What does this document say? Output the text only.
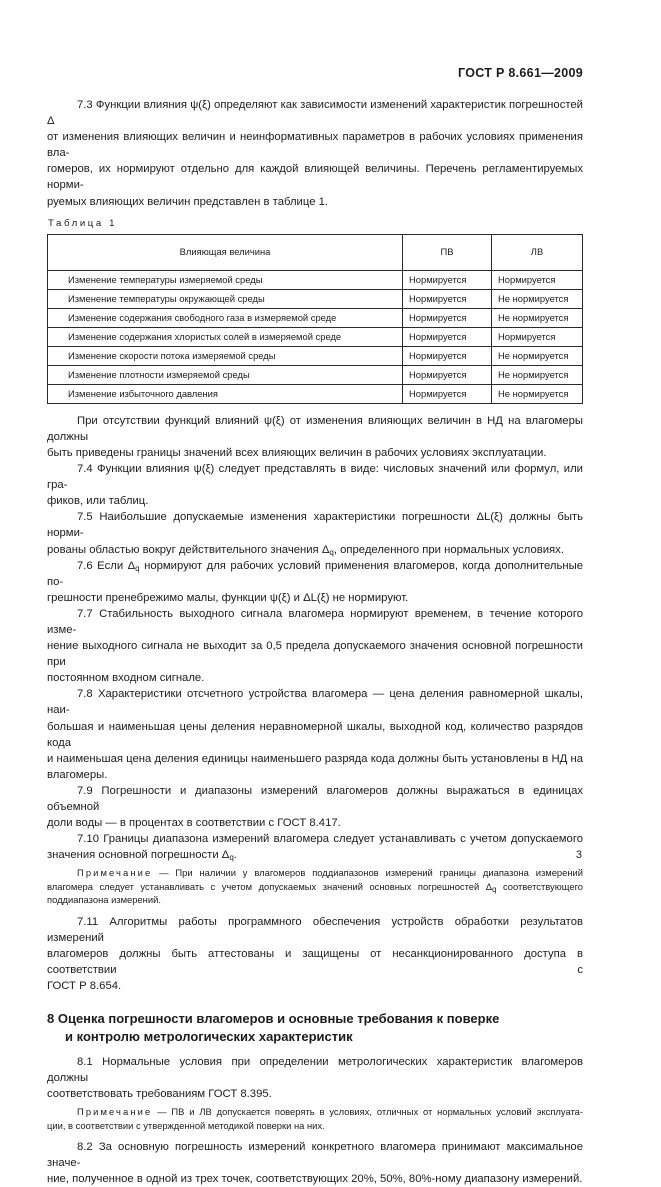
ГОСТ Р 8.661—2009
7.3 Функции влияния ψ(ξ) определяют как зависимости изменений характеристик погрешностей Δ
от изменения влияющих величин и неинформативных параметров в рабочих условиях применения вла-
гомеров, их нормируют отдельно для каждой влияющей величины. Перечень регламентируемых норми-
руемых влияющих величин представлен в таблице 1.
Таблица 1
Влияющая величина	ПВ	ЛВ
Изменение температуры измеряемой среды	Нормируется	Нормируется
Изменение температуры окружающей среды	Нормируется	Не нормируется
Изменение содержания свободного газа в измеряемой среде	Нормируется	Не нормируется
Изменение содержания хлористых солей в измеряемой среде	Нормируется	Нормируется
Изменение скорости потока измеряемой среды	Нормируется	Не нормируется
Изменение плотности измеряемой среды	Нормируется	Не нормируется
Изменение избыточного давления	Нормируется	Не нормируется
При отсутствии функций влияний ψ(ξ) от изменения влияющих величин в НД на влагомеры должны
быть приведены границы значений всех влияющих величин в рабочих условиях эксплуатации.
7.4 Функции влияния ψ(ξ) следует представлять в виде: числовых значений или формул, или гра-
фиков, или таблиц.
7.5 Наибольшие допускаемые изменения характеристики погрешности ΔL(ξ) должны быть норми-
рованы областью вокруг действительного значения $\Delta_q$, определенного при нормальных условиях.
7.6 Если $\Delta_q$ нормируют для рабочих условий применения влагомеров, когда дополнительные по-
грешности пренебрежимо малы, функции ψ(ξ) и ΔL(ξ) не нормируют.
7.7 Стабильность выходного сигнала влагомера нормируют временем, в течение которого изме-
нение выходного сигнала не выходит за 0,5 предела допускаемого значения основной погрешности при
постоянном входном сигнале.
7.8 Характеристики отсчетного устройства влагомера — цена деления равномерной шкалы, наи-
большая и наименьшая цены деления неравномерной шкалы, выходной код, количество разрядов кода
и наименьшая цена деления единицы наименьшего разряда кода должны быть установлены в НД на
влагомеры.
7.9 Погрешности и диапазоны измерений влагомеров должны выражаться в единицах объемной
доли воды — в процентах в соответствии с ГОСТ 8.417.
7.10 Границы диапазона измерений влагомера следует устанавливать с учетом допускаемого
значения основной погрешности $\Delta_q$.
Примечание — При наличии у влагомеров поддиапазонов измерений границы диапазона измерений
влагомера следует устанавливать с учетом допускаемых значений основных погрешностей $\Delta_q$ соответствующего
поддиапазона измерений.
7.11 Алгоритмы работы программного обеспечения устройств обработки результатов измерений
влагомеров должны быть аттестованы и защищены от несанкционированного доступа в соответствии с
ГОСТ Р 8.654.
8 Оценка погрешности влагомеров и основные требования к поверке
и контролю метрологических характеристик
8.1 Нормальные условия при определении метрологических характеристик влагомеров должны
соответствовать требованиям ГОСТ 8.395.
Примечание — ПВ и ЛВ допускается поверять в условиях, отличных от нормальных условий эксплуата-
ции, в соответствии с утвержденной методикой поверки на них.
8.2 За основную погрешность измерений конкретного влагомера принимают максимальное значе-
ние, полученное в одной из трех точек, соответствующих 20%, 50%, 80%-ному диапазону измерений.
3
